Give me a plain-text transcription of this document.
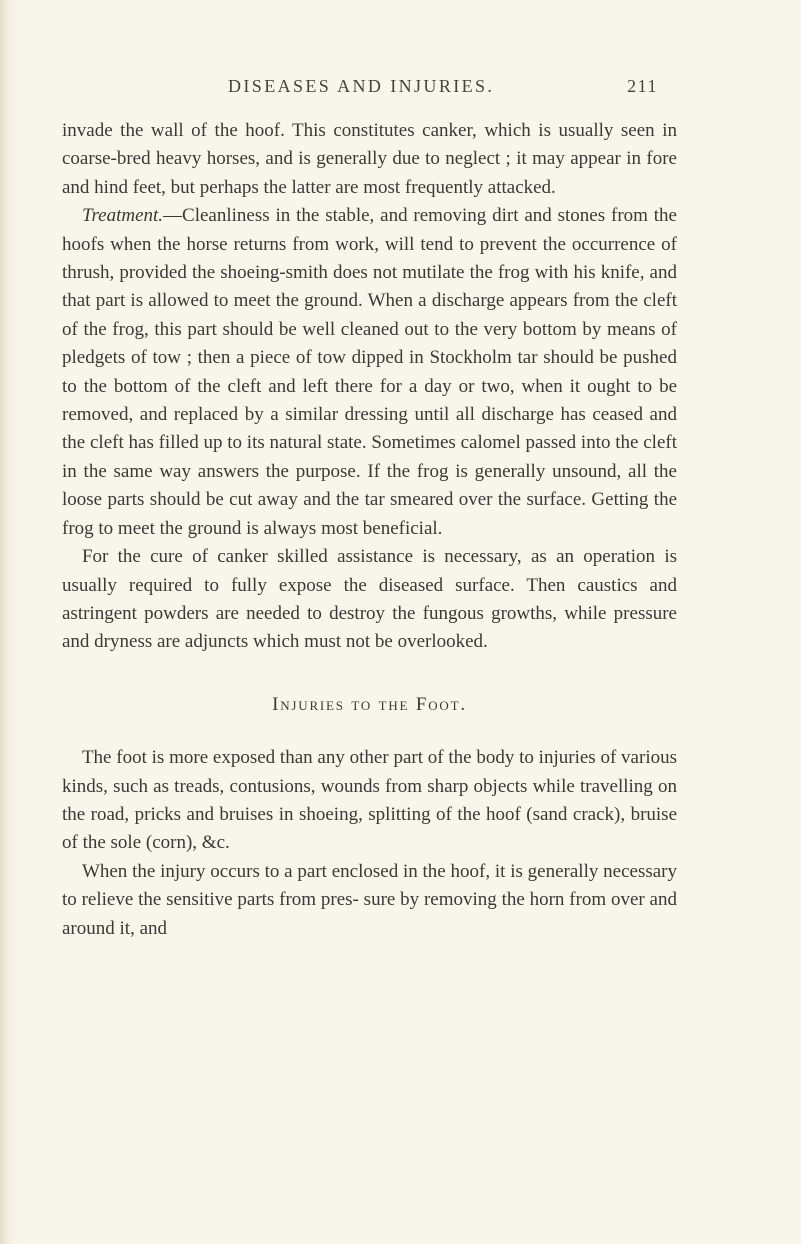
DISEASES AND INJURIES.	211

invade the wall of the hoof. This constitutes canker, which is usually seen in coarse-bred heavy horses, and is generally due to neglect ; it may appear in fore and hind feet, but perhaps the latter are most frequently attacked.

Treatment.—Cleanliness in the stable, and removing dirt and stones from the hoofs when the horse returns from work, will tend to prevent the occurrence of thrush, provided the shoeing-smith does not mutilate the frog with his knife, and that part is allowed to meet the ground. When a discharge appears from the cleft of the frog, this part should be well cleaned out to the very bottom by means of pledgets of tow ; then a piece of tow dipped in Stockholm tar should be pushed to the bottom of the cleft and left there for a day or two, when it ought to be removed, and replaced by a similar dressing until all discharge has ceased and the cleft has filled up to its natural state. Sometimes calomel passed into the cleft in the same way answers the purpose. If the frog is generally unsound, all the loose parts should be cut away and the tar smeared over the surface. Getting the frog to meet the ground is always most beneficial.

For the cure of canker skilled assistance is necessary, as an operation is usually required to fully expose the diseased surface. Then caustics and astringent powders are needed to destroy the fungous growths, while pressure and dryness are adjuncts which must not be overlooked.

Injuries to the Foot.

The foot is more exposed than any other part of the body to injuries of various kinds, such as treads, contusions, wounds from sharp objects while travelling on the road, pricks and bruises in shoeing, splitting of the hoof (sand crack), bruise of the sole (corn), &c.

When the injury occurs to a part enclosed in the hoof, it is generally necessary to relieve the sensitive parts from pres- sure by removing the horn from over and around it, and
